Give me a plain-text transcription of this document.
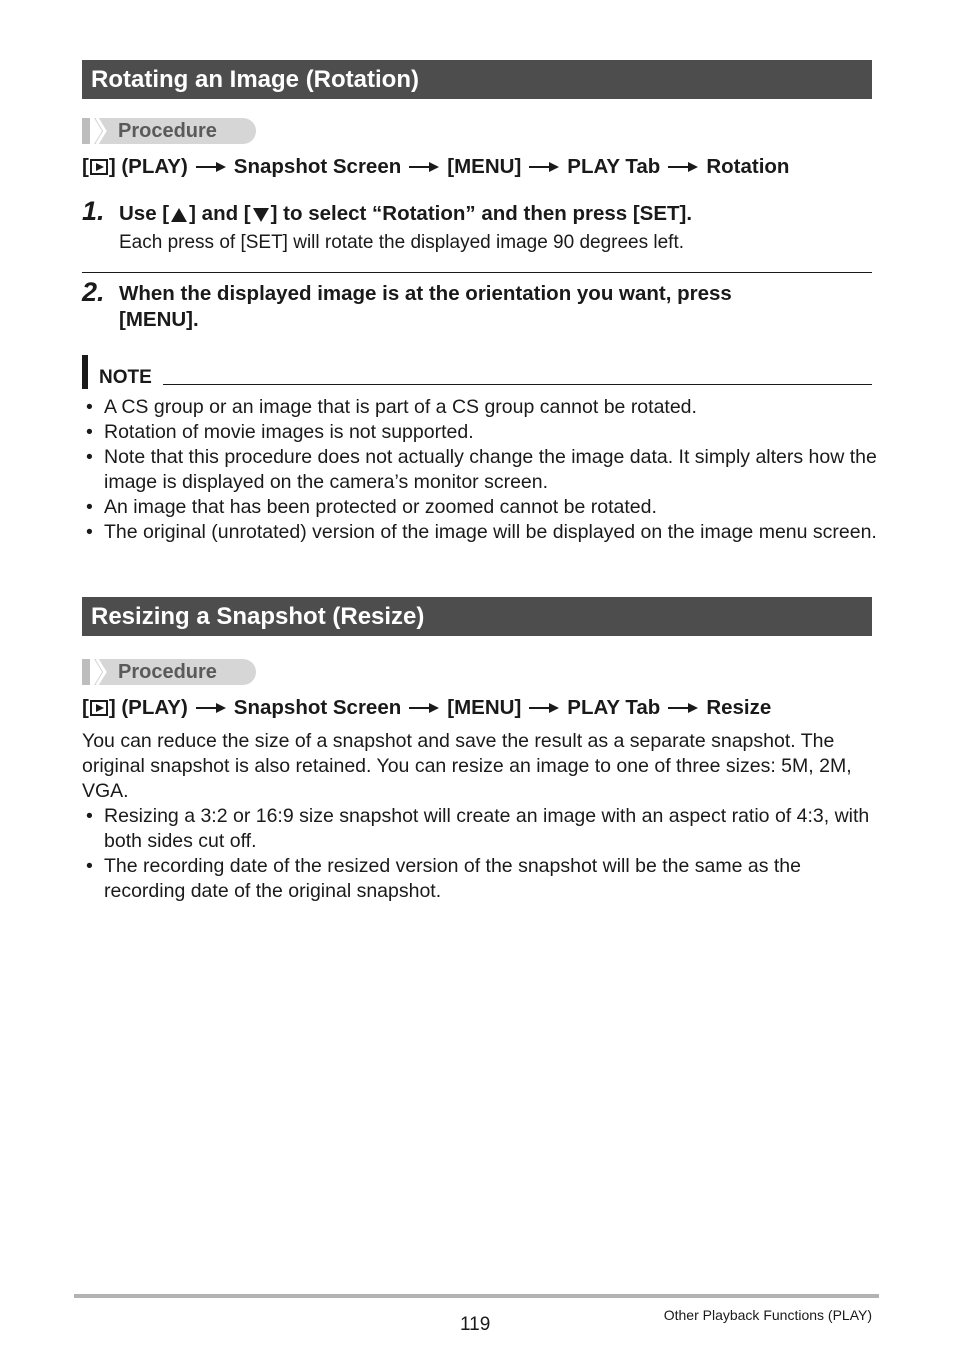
Rotating an Image (Rotation)
Procedure
[ ] (PLAY) Snapshot Screen [MENU] PLAY Tab Rotation
1. Use [ ] and [ ] to select “Rotation” and then press [SET].
Each press of [SET] will rotate the displayed image 90 degrees left.
2. When the displayed image is at the orientation you want, press
[MENU].
NOTE
• A CS group or an image that is part of a CS group cannot be rotated.
• Rotation of movie images is not supported.
• Note that this procedure does not actually change the image data. It simply alters how the image is displayed on the camera’s monitor screen.
• An image that has been protected or zoomed cannot be rotated.
• The original (unrotated) version of the image will be displayed on the image menu screen.
Resizing a Snapshot (Resize)
Procedure
[ ] (PLAY) Snapshot Screen [MENU] PLAY Tab Resize
You can reduce the size of a snapshot and save the result as a separate snapshot. The original snapshot is also retained. You can resize an image to one of three sizes: 5M, 2M, VGA.
• Resizing a 3:2 or 16:9 size snapshot will create an image with an aspect ratio of 4:3, with both sides cut off.
• The recording date of the resized version of the snapshot will be the same as the recording date of the original snapshot.
119	Other Playback Functions (PLAY)
